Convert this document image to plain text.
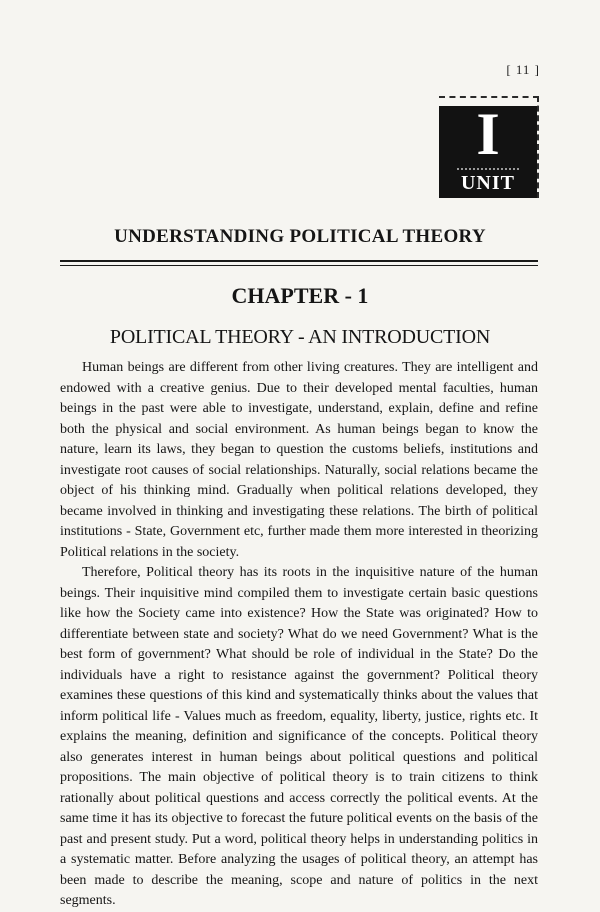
[ 11 ]
I
UNIT
UNDERSTANDING POLITICAL THEORY
CHAPTER - 1
POLITICAL THEORY - AN INTRODUCTION

Human beings are different from other living creatures. They are intelligent and endowed with a creative genius. Due to their developed mental faculties, human beings in the past were able to investigate, understand, explain, define and refine both the physical and social environment. As human beings began to know the nature, learn its laws, they began to question the customs beliefs, institutions and investigate root causes of social relationships. Naturally, social relations became the object of his thinking mind. Gradually when political relations developed, they became involved in thinking and investigating these relations. The birth of political institutions - State, Government etc, further made them more interested in theorizing Political relations in the society.

Therefore, Political theory has its roots in the inquisitive nature of the human beings. Their inquisitive mind compiled them to investigate certain basic questions like how the Society came into existence? How the State was originated? How to differentiate between state and society? What do we need Government? What is the best form of government? What should be role of individual in the State? Do the individuals have a right to resistance against the government? Political theory examines these questions of this kind and systematically thinks about the values that inform political life - Values much as freedom, equality, liberty, justice, rights etc. It explains the meaning, definition and significance of the concepts. Political theory also generates interest in human beings about political questions and political propositions. The main objective of political theory is to train citizens to think rationally about political questions and access correctly the political events. At the same time it has its objective to forecast the future political events on the basis of the past and present study. Put a word, political theory helps in understanding politics in a systematic matter. Before analyzing the usages of political theory, an attempt has been made to describe the meaning, scope and nature of politics in the next segments.
